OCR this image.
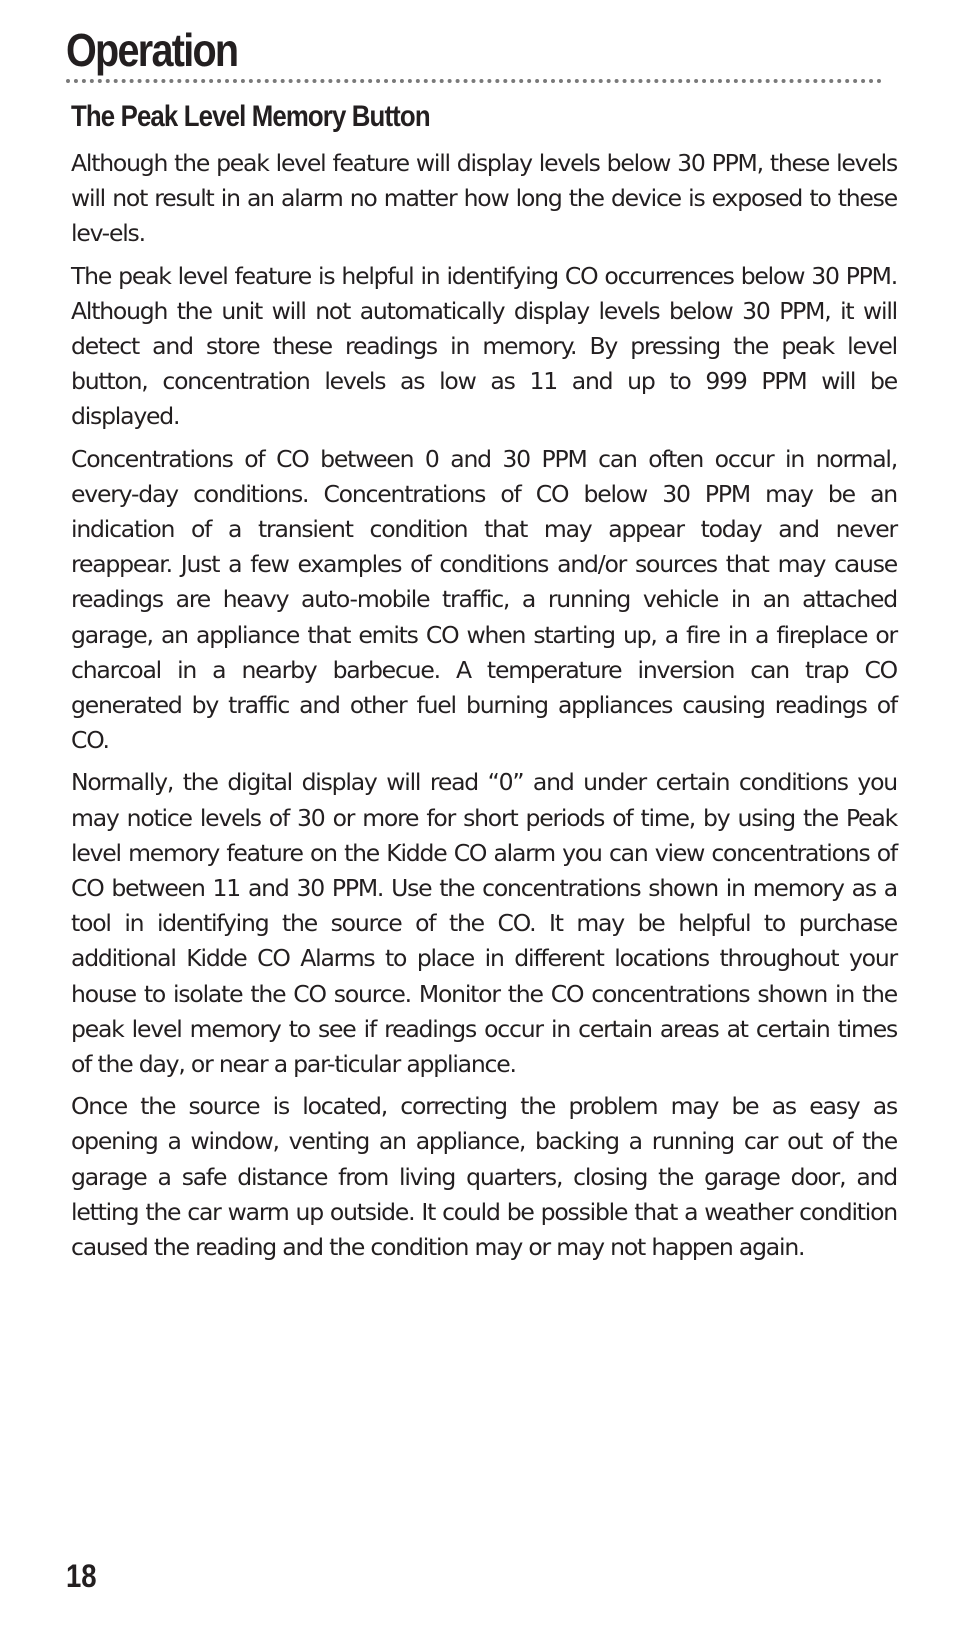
Operation
The Peak Level Memory Button

Although the peak level feature will display levels below 30 PPM, these levels will not result in an alarm no matter how long the device is exposed to these lev-els.

The peak level feature is helpful in identifying CO occurrences below 30 PPM. Although the unit will not automatically display levels below 30 PPM, it will detect and store these readings in memory. By pressing the peak level button, concentration levels as low as 11 and up to 999 PPM will be displayed.

Concentrations of CO between 0 and 30 PPM can often occur in normal, every-day conditions. Concentrations of CO below 30 PPM may be an indication of a transient condition that may appear today and never reappear. Just a few examples of conditions and/or sources that may cause readings are heavy auto-mobile traffic, a running vehicle in an attached garage, an appliance that emits CO when starting up, a fire in a fireplace or charcoal in a nearby barbecue. A temperature inversion can trap CO generated by traffic and other fuel burning appliances causing readings of CO.

Normally, the digital display will read “0” and under certain conditions you may notice levels of 30 or more for short periods of time, by using the Peak level memory feature on the Kidde CO alarm you can view concentrations of CO between 11 and 30 PPM. Use the concentrations shown in memory as a tool in identifying the source of the CO. It may be helpful to purchase additional Kidde CO Alarms to place in different locations throughout your house to isolate the CO source. Monitor the CO concentrations shown in the peak level memory to see if readings occur in certain areas at certain times of the day, or near a par-ticular appliance.

Once the source is located, correcting the problem may be as easy as opening a window, venting an appliance, backing a running car out of the garage a safe distance from living quarters, closing the garage door, and letting the car warm up outside. It could be possible that a weather condition caused the reading and the condition may or may not happen again.

18
